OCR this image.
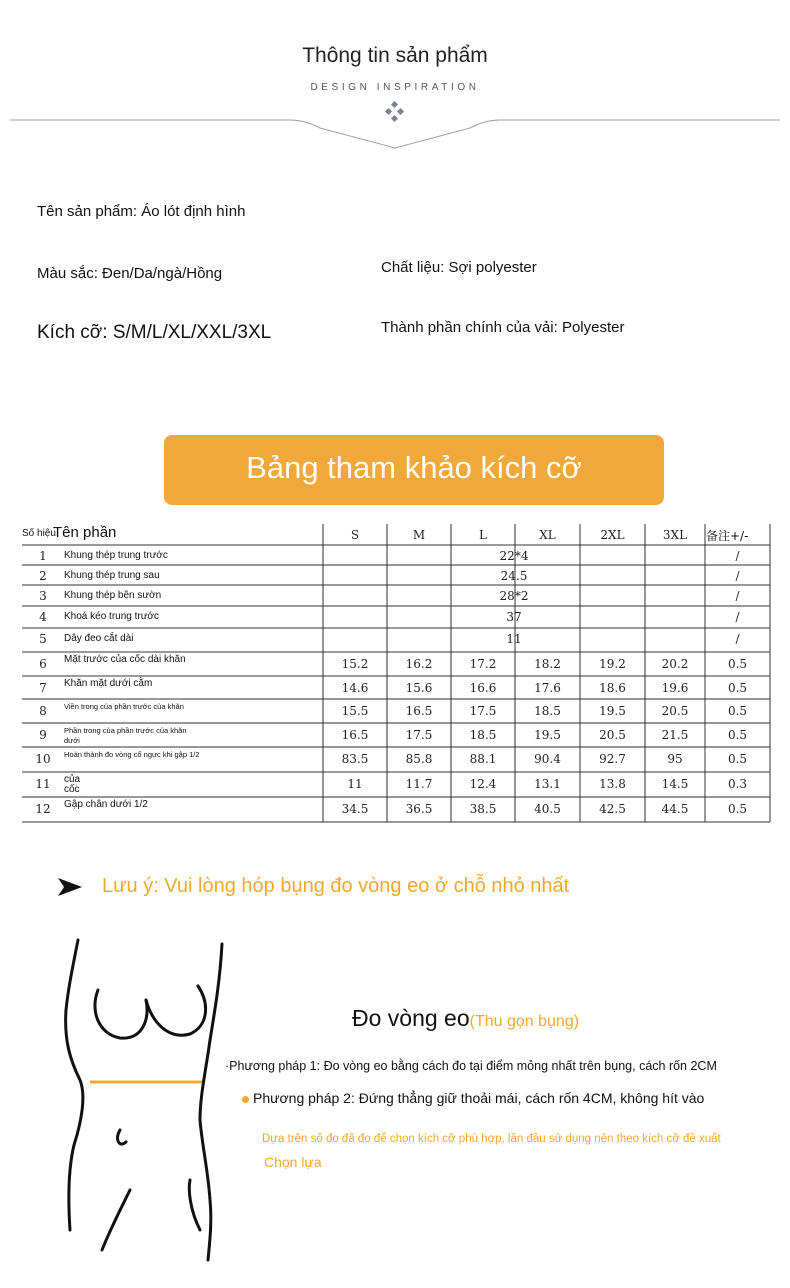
Thông tin sản phẩm
DESIGN INSPIRATION
Tên sản phẩm: Áo lót định hình
Màu sắc: Đen/Da/ngà/Hồng	Chất liệu: Sợi polyester
Kích cỡ: S/M/L/XL/XXL/3XL	Thành phần chính của vải: Polyester
Bảng tham khảo kích cỡ
Số hiệu
Tên phần	S	M	L	XL	2XL	3XL	备注+/-
1	Khung thép trung trước	22*4	/
2	Khung thép trung sau	24.5	/
3	Khung thép bên sườn	28*2	/
4	Khoá kéo trung trước	37	/
5	Dây đeo cắt dài	11	/
6	Mặt trước của cốc dài khăn	15.2	16.2	17.2	18.2	19.2	20.2	0.5
7	Khăn mặt dưới cằm	14.6	15.6	16.6	17.6	18.6	19.6	0.5
8	Viền trong của phần trước của khăn	15.5	16.5	17.5	18.5	19.5	20.5	0.5
9	Phần trong của phần trước của khăn dưới	16.5	17.5	18.5	19.5	20.5	21.5	0.5
10	Hoàn thành đo vòng cổ ngực khi gập 1/2	83.5	85.8	88.1	90.4	92.7	95	0.5
11	của cốc	11	11.7	12.4	13.1	13.8	14.5	0.3
12	Gập chân dưới 1/2	34.5	36.5	38.5	40.5	42.5	44.5	0.5
Lưu ý: Vui lòng hóp bụng đo vòng eo ở chỗ nhỏ nhất
Đo vòng eo(Thu gọn bụng)
·Phương pháp 1: Đo vòng eo bằng cách đo tại điểm mỏng nhất trên bụng, cách rốn 2CM
Phương pháp 2: Đứng thẳng giữ thoải mái, cách rốn 4CM, không hít vào
Dựa trên số đo đã đo để chọn kích cỡ phù hợp, lần đầu sử dụng nên theo kích cỡ đề xuất
Chọn lựa
